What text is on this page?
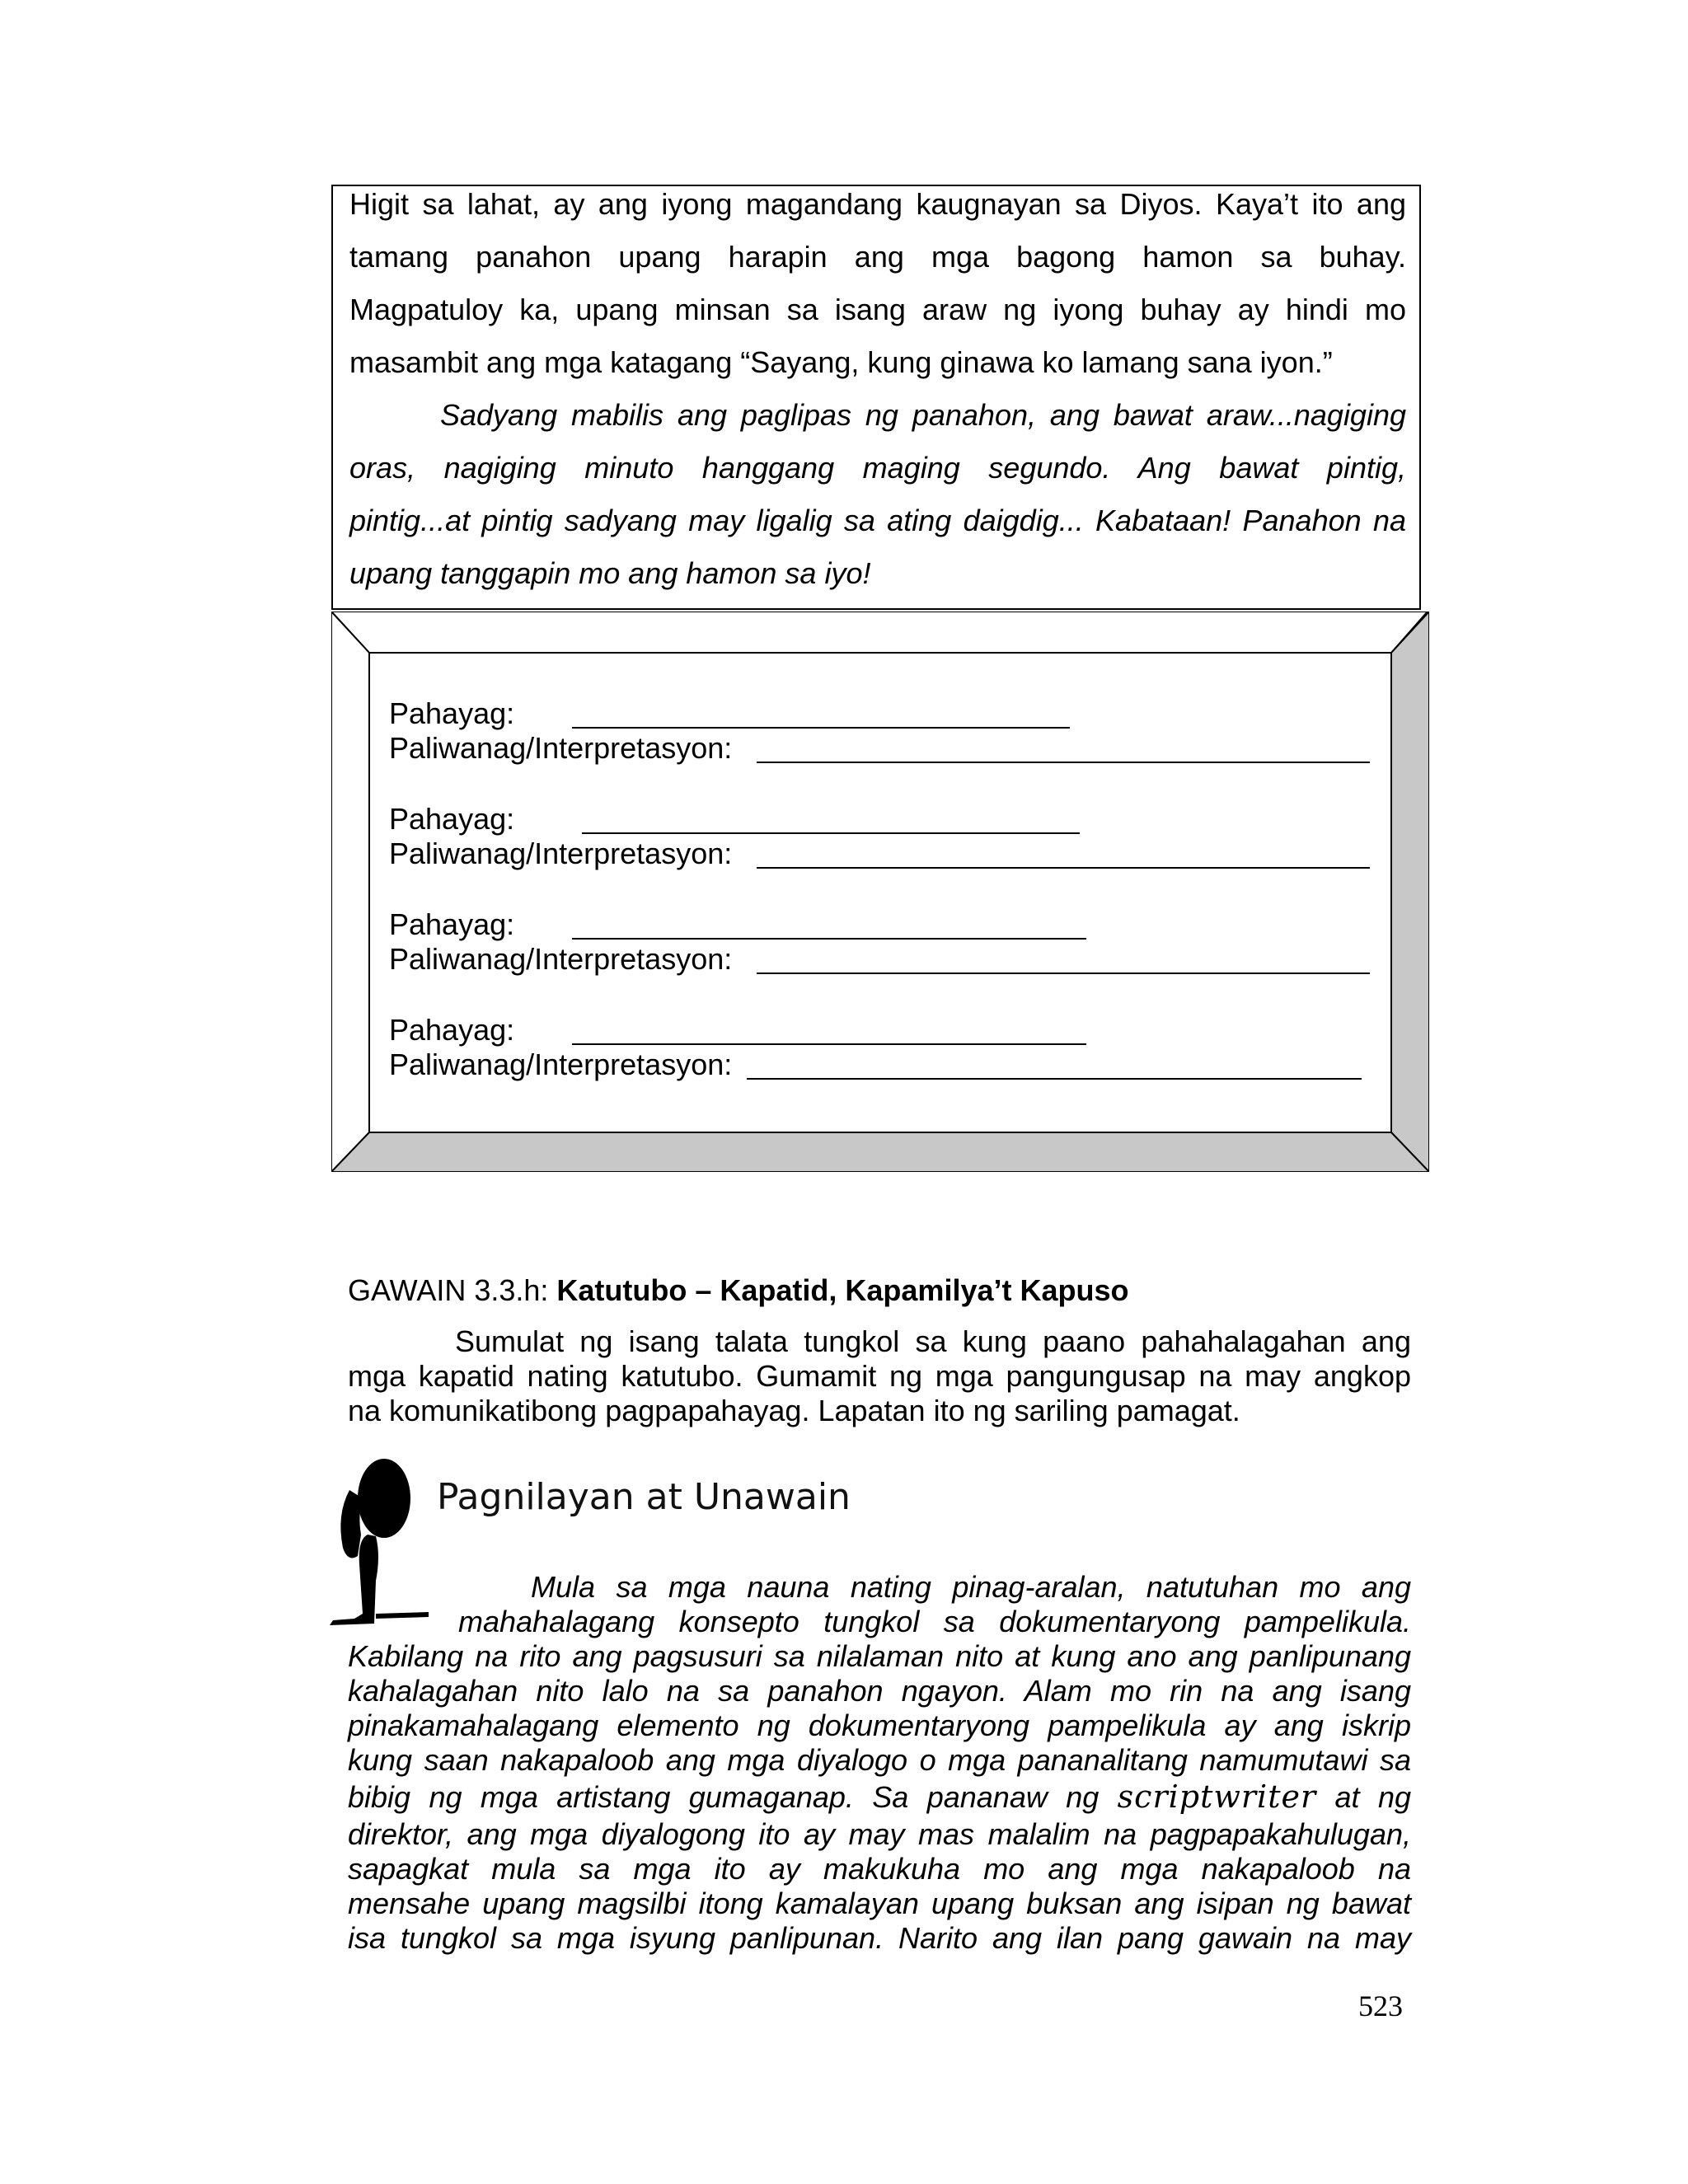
Higit sa lahat, ay ang iyong magandang kaugnayan sa Diyos. Kaya’t ito ang
tamang panahon upang harapin ang mga bagong hamon sa buhay.
Magpatuloy ka, upang minsan sa isang araw ng iyong buhay ay hindi mo
masambit ang mga katagang “Sayang, kung ginawa ko lamang sana iyon.”
Sadyang mabilis ang paglipas ng panahon, ang bawat araw...nagiging
oras, nagiging minuto hanggang maging segundo. Ang bawat pintig,
pintig...at pintig sadyang may ligalig sa ating daigdig... Kabataan! Panahon na
upang tanggapin mo ang hamon sa iyo!
Pahayag:
Paliwanag/Interpretasyon:
Pahayag:
Paliwanag/Interpretasyon:
Pahayag:
Paliwanag/Interpretasyon:
Pahayag:
Paliwanag/Interpretasyon:
GAWAIN 3.3.h: Katutubo – Kapatid, Kapamilya’t Kapuso
Sumulat ng isang talata tungkol sa kung paano pahahalagahan ang
mga kapatid nating katutubo. Gumamit ng mga pangungusap na may angkop
na komunikatibong pagpapahayag. Lapatan ito ng sariling pamagat.
Pagnilayan at Unawain
Mula sa mga nauna nating pinag-aralan, natutuhan mo ang
mahahalagang konsepto tungkol sa dokumentaryong pampelikula.
Kabilang na rito ang pagsusuri sa nilalaman nito at kung ano ang panlipunang
kahalagahan nito lalo na sa panahon ngayon. Alam mo rin na ang isang
pinakamahalagang elemento ng dokumentaryong pampelikula ay ang iskrip
kung saan nakapaloob ang mga diyalogo o mga pananalitang namumutawi sa
bibig ng mga artistang gumaganap. Sa pananaw ng scriptwriter at ng
direktor, ang mga diyalogong ito ay may mas malalim na pagpapakahulugan,
sapagkat mula sa mga ito ay makukuha mo ang mga nakapaloob na
mensahe upang magsilbi itong kamalayan upang buksan ang isipan ng bawat
isa tungkol sa mga isyung panlipunan. Narito ang ilan pang gawain na may
523
